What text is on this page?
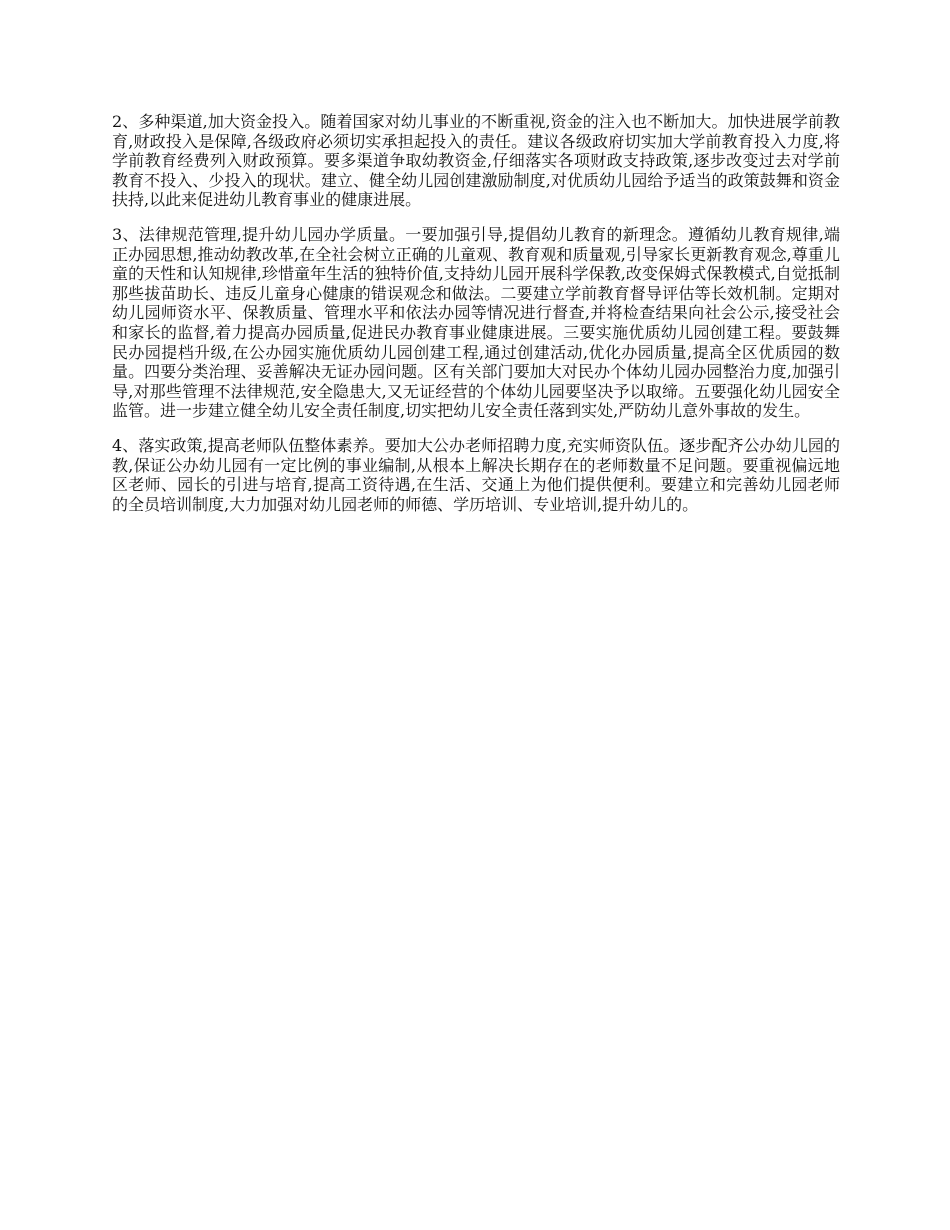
2、多种渠道,加大资金投入。随着国家对幼儿事业的不断重视,资金的注入也不断加大。加快进展学前教育,财政投入是保障,各级政府必须切实承担起投入的责任。建议各级政府切实加大学前教育投入力度,将学前教育经费列入财政预算。要多渠道争取幼教资金,仔细落实各项财政支持政策,逐步改变过去对学前教育不投入、少投入的现状。建立、健全幼儿园创建激励制度,对优质幼儿园给予适当的政策鼓舞和资金扶持,以此来促进幼儿教育事业的健康进展。

3、法律规范管理,提升幼儿园办学质量。一要加强引导,提倡幼儿教育的新理念。遵循幼儿教育规律,端正办园思想,推动幼教改革,在全社会树立正确的儿童观、教育观和质量观,引导家长更新教育观念,尊重儿童的天性和认知规律,珍惜童年生活的独特价值,支持幼儿园开展科学保教,改变保姆式保教模式,自觉抵制那些拔苗助长、违反儿童身心健康的错误观念和做法。二要建立学前教育督导评估等长效机制。定期对幼儿园师资水平、保教质量、管理水平和依法办园等情况进行督查,并将检查结果向社会公示,接受社会和家长的监督,着力提高办园质量,促进民办教育事业健康进展。三要实施优质幼儿园创建工程。要鼓舞民办园提档升级,在公办园实施优质幼儿园创建工程,通过创建活动,优化办园质量,提高全区优质园的数量。四要分类治理、妥善解决无证办园问题。区有关部门要加大对民办个体幼儿园办园整治力度,加强引导,对那些管理不法律规范,安全隐患大,又无证经营的个体幼儿园要坚决予以取缔。五要强化幼儿园安全监管。进一步建立健全幼儿安全责任制度,切实把幼儿安全责任落到实处,严防幼儿意外事故的发生。

4、落实政策,提高老师队伍整体素养。要加大公办老师招聘力度,充实师资队伍。逐步配齐公办幼儿园的教,保证公办幼儿园有一定比例的事业编制,从根本上解决长期存在的老师数量不足问题。要重视偏远地区老师、园长的引进与培育,提高工资待遇,在生活、交通上为他们提供便利。要建立和完善幼儿园老师的全员培训制度,大力加强对幼儿园老师的师德、学历培训、专业培训,提升幼儿的。
